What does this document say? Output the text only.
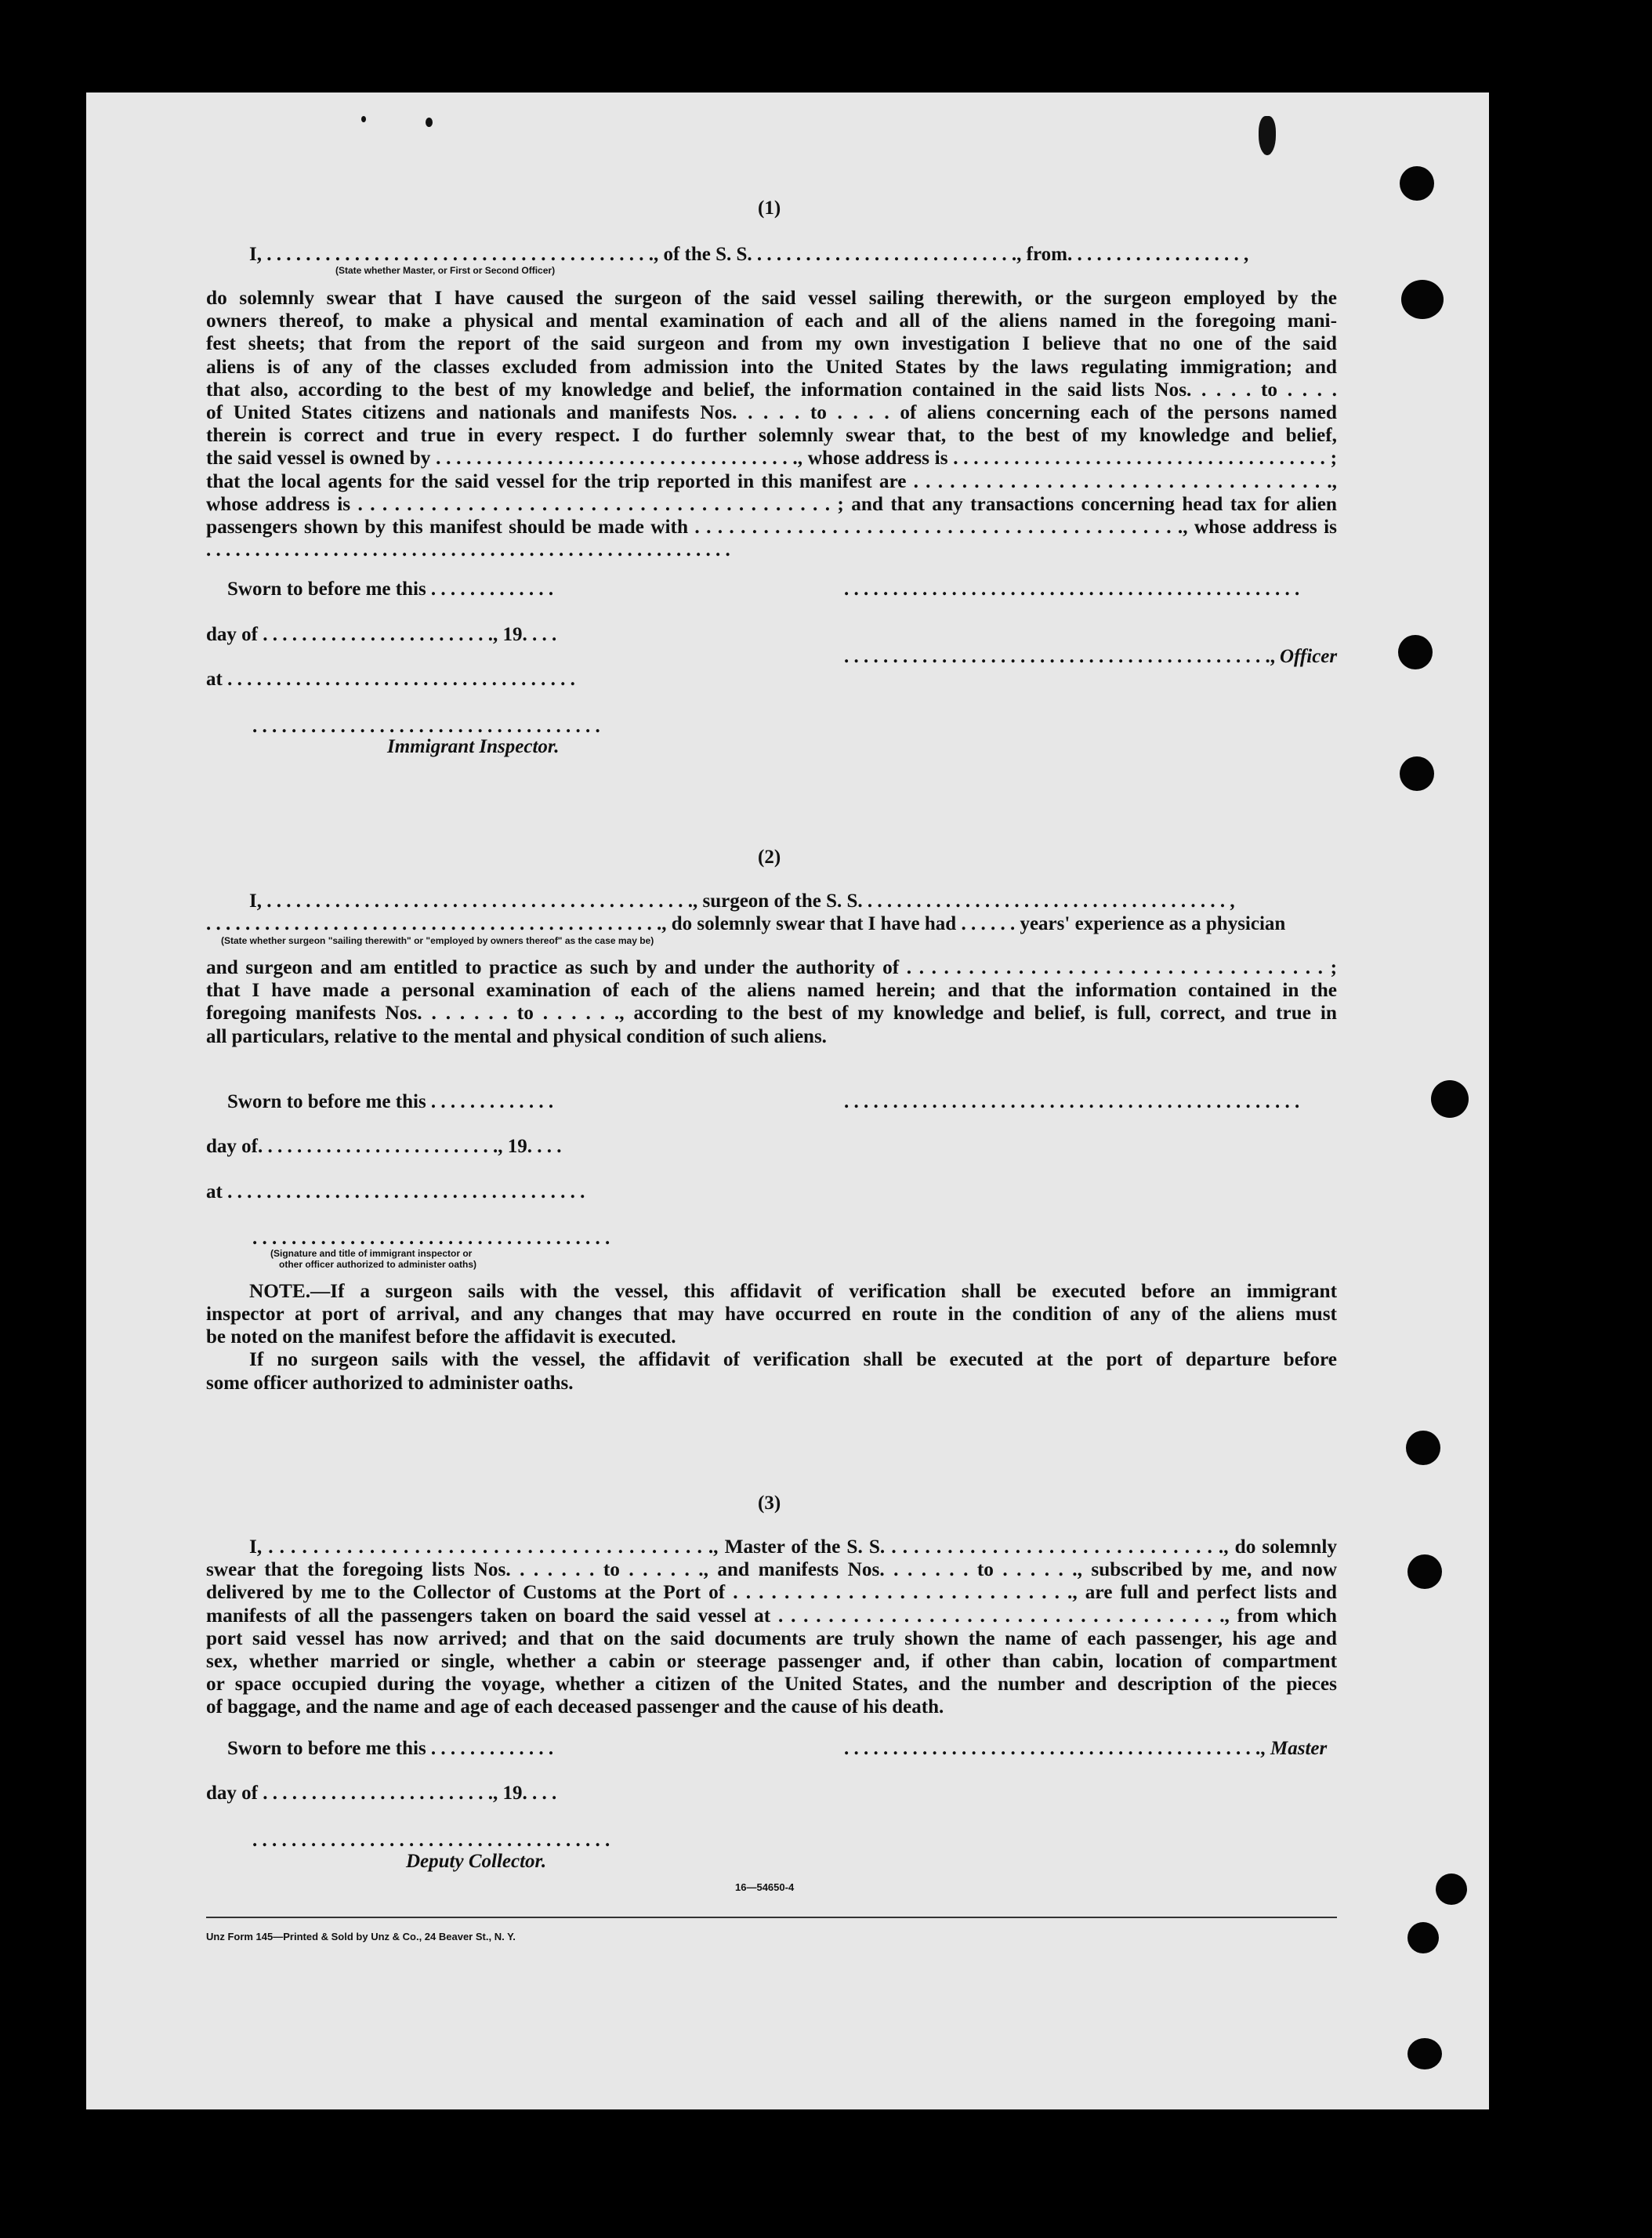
(1)
I, . . . . . . . . . . . . . . . . . . . . . . . . . . . . . . . . . . . . . . . ., of the S. S. . . . . . . . . . . . . . . . . . . . . . . . . . . ., from. . . . . . . . . . . . . . . . . . ,
(State whether Master, or First or Second Officer)
do solemnly swear that I have caused the surgeon of the said vessel sailing therewith, or the surgeon employed by the
owners thereof, to make a physical and mental examination of each and all of the aliens named in the foregoing mani-
fest sheets; that from the report of the said surgeon and from my own investigation I believe that no one of the said
aliens is of any of the classes excluded from admission into the United States by the laws regulating immigration; and
that also, according to the best of my knowledge and belief, the information contained in the said lists Nos. . . . . to . . . .
of United States citizens and nationals and manifests Nos. . . . . to . . . . of aliens concerning each of the persons named
therein is correct and true in every respect. I do further solemnly swear that, to the best of my knowledge and belief,
the said vessel is owned by . . . . . . . . . . . . . . . . . . . . . . . . . . . . . . . . . . . ., whose address is . . . . . . . . . . . . . . . . . . . . . . . . . . . . . . . . . . . . . ;
that the local agents for the said vessel for the trip reported in this manifest are . . . . . . . . . . . . . . . . . . . . . . . . . . . . . . . . . . .,
whose address is . . . . . . . . . . . . . . . . . . . . . . . . . . . . . . . . . . . . . . . ; and that any transactions concerning head tax for alien
passengers shown by this manifest should be made with . . . . . . . . . . . . . . . . . . . . . . . . . . . . . . . . . . . . . . . . . . ., whose address is
. . . . . . . . . . . . . . . . . . . . . . . . . . . . . . . . . . . . . . . . . . . . . . . . . . . . . .
Sworn to before me this . . . . . . . . . . . . .
day of . . . . . . . . . . . . . . . . . . . . . . . ., 19. . . .
at . . . . . . . . . . . . . . . . . . . . . . . . . . . . . . . . . . . .
. . . . . . . . . . . . . . . . . . . . . . . . . . . . . . . . . . . .
Immigrant Inspector.
. . . . . . . . . . . . . . . . . . . . . . . . . . . . . . . . . . . . . . . . . . . . . . .
. . . . . . . . . . . . . . . . . . . . . . . . . . . . . . . . . . . . . . . . . . . ., Officer
(2)
I, . . . . . . . . . . . . . . . . . . . . . . . . . . . . . . . . . . . . . . . . . . . ., surgeon of the S. S. . . . . . . . . . . . . . . . . . . . . . . . . . . . . . . . . . . . . . ,
. . . . . . . . . . . . . . . . . . . . . . . . . . . . . . . . . . . . . . . . . . . . . . ., do solemnly swear that I have had . . . . . . years' experience as a physician
(State whether surgeon "sailing therewith" or "employed by owners thereof" as the case may be)
and surgeon and am entitled to practice as such by and under the authority of . . . . . . . . . . . . . . . . . . . . . . . . . . . . . . . . . . ;
that I have made a personal examination of each of the aliens named herein; and that the information contained in the
foregoing manifests Nos. . . . . . . to . . . . . ., according to the best of my knowledge and belief, is full, correct, and true in
all particulars, relative to the mental and physical condition of such aliens.
Sworn to before me this . . . . . . . . . . . . .
day of. . . . . . . . . . . . . . . . . . . . . . . . ., 19. . . .
at . . . . . . . . . . . . . . . . . . . . . . . . . . . . . . . . . . . . .
. . . . . . . . . . . . . . . . . . . . . . . . . . . . . . . . . . . . .
(Signature and title of immigrant inspector or
other officer authorized to administer oaths)
. . . . . . . . . . . . . . . . . . . . . . . . . . . . . . . . . . . . . . . . . . . . . . .
NOTE.—If a surgeon sails with the vessel, this affidavit of verification shall be executed before an immigrant
inspector at port of arrival, and any changes that may have occurred en route in the condition of any of the aliens must
be noted on the manifest before the affidavit is executed.
If no surgeon sails with the vessel, the affidavit of verification shall be executed at the port of departure before
some officer authorized to administer oaths.
(3)
I, . . . . . . . . . . . . . . . . . . . . . . . . . . . . . . . . . . . . . . . ., Master of the S. S. . . . . . . . . . . . . . . . . . . . . . . . . . . . . . ., do solemnly
swear that the foregoing lists Nos. . . . . . . to . . . . . ., and manifests Nos. . . . . . . to . . . . . ., subscribed by me, and now
delivered by me to the Collector of Customs at the Port of . . . . . . . . . . . . . . . . . . . . . . . . . . ., are full and perfect lists and
manifests of all the passengers taken on board the said vessel at . . . . . . . . . . . . . . . . . . . . . . . . . . . . . . . . . . . ., from which
port said vessel has now arrived; and that on the said documents are truly shown the name of each passenger, his age and
sex, whether married or single, whether a cabin or steerage passenger and, if other than cabin, location of compartment
or space occupied during the voyage, whether a citizen of the United States, and the number and description of the pieces
of baggage, and the name and age of each deceased passenger and the cause of his death.
Sworn to before me this . . . . . . . . . . . . .
day of . . . . . . . . . . . . . . . . . . . . . . . ., 19. . . .
. . . . . . . . . . . . . . . . . . . . . . . . . . . . . . . . . . . . .
Deputy Collector.
. . . . . . . . . . . . . . . . . . . . . . . . . . . . . . . . . . . . . . . . . . ., Master
16—54650-4
Unz Form 145—Printed & Sold by Unz & Co., 24 Beaver St., N. Y.
